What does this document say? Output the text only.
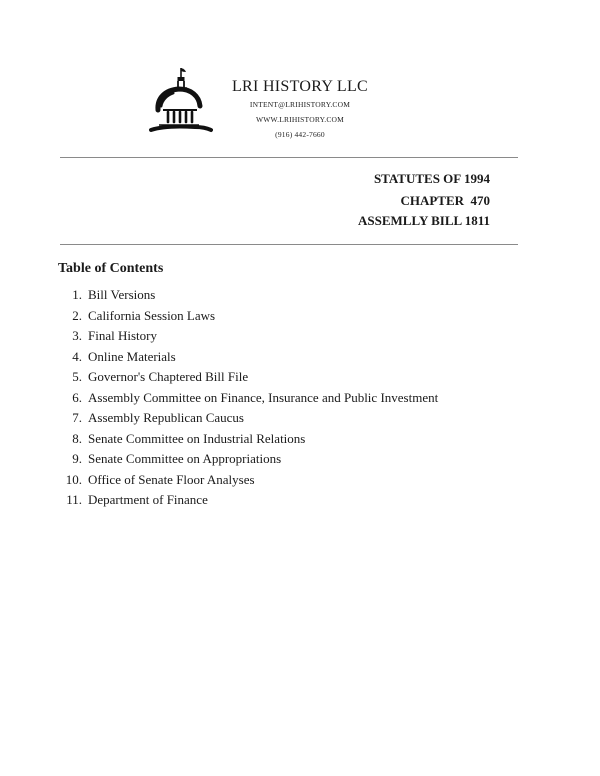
LRI HISTORY LLC
INTENT@LRIHISTORY.COM
WWW.LRIHISTORY.COM
(916) 442-7660
STATUTES OF 1994
CHAPTER  470
ASSEMLLY BILL 1811
Table of Contents
1. Bill Versions
2. California Session Laws
3. Final History
4. Online Materials
5. Governor's Chaptered Bill File
6. Assembly Committee on Finance, Insurance and Public Investment
7. Assembly Republican Caucus
8. Senate Committee on Industrial Relations
9. Senate Committee on Appropriations
10. Office of Senate Floor Analyses
11. Department of Finance
